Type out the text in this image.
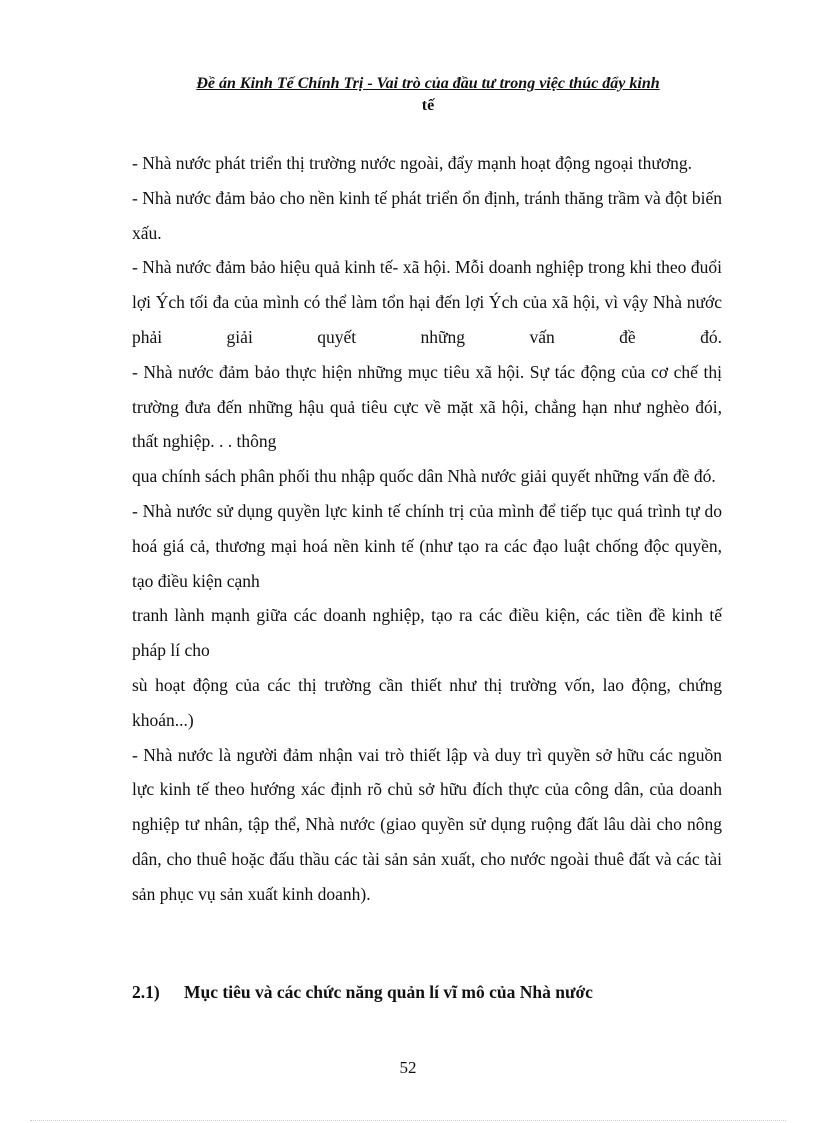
Đề án Kinh Tế Chính Trị - Vai trò của đầu tư trong việc thúc đẩy kinh
tế

- Nhà nước phát triển thị trường nước ngoài, đẩy mạnh hoạt động ngoại thương.

- Nhà nước đảm bảo cho nền kinh tế phát triển ổn định, tránh thăng trầm và đột biến xấu.

- Nhà nước đảm bảo hiệu quả kinh tế- xã hội. Mỗi doanh nghiệp trong khi theo đuổi lợi Ých tối đa của mình có thể làm tổn hại đến lợi Ých của xã hội, vì vậy Nhà nước phải giải quyết những vấn đề đó.

- Nhà nước đảm bảo thực hiện những mục tiêu xã hội. Sự tác động của cơ chế thị trường đưa đến những hậu quả tiêu cực về mặt xã hội, chẳng hạn như nghèo đói, thất nghiệp. . . thông

qua chính sách phân phối thu nhập quốc dân Nhà nước giải quyết những vấn đề đó.

- Nhà nước sử dụng quyền lực kinh tế chính trị của mình để tiếp tục quá trình tự do hoá giá cả, thương mại hoá nền kinh tế (như tạo ra các đạo luật chống độc quyền, tạo điều kiện cạnh

tranh lành mạnh giữa các doanh nghiệp, tạo ra các điều kiện, các tiền đề kinh tế pháp lí cho

sù hoạt động của các thị trường cần thiết như thị trường vốn, lao động, chứng khoán...)

- Nhà nước là người đảm nhận vai trò thiết lập và duy trì quyền sở hữu các nguồn lực kinh tế theo hướng xác định rõ chủ sở hữu đích thực của công dân, của doanh nghiệp tư nhân, tập thể, Nhà nước (giao quyền sử dụng ruộng đất lâu dài cho nông dân, cho thuê hoặc đấu thầu các tài sản sản xuất, cho nước ngoài thuê đất và các tài sản phục vụ sản xuất kinh doanh).

2.1) Mục tiêu và các chức năng quản lí vĩ mô của Nhà nước
52
